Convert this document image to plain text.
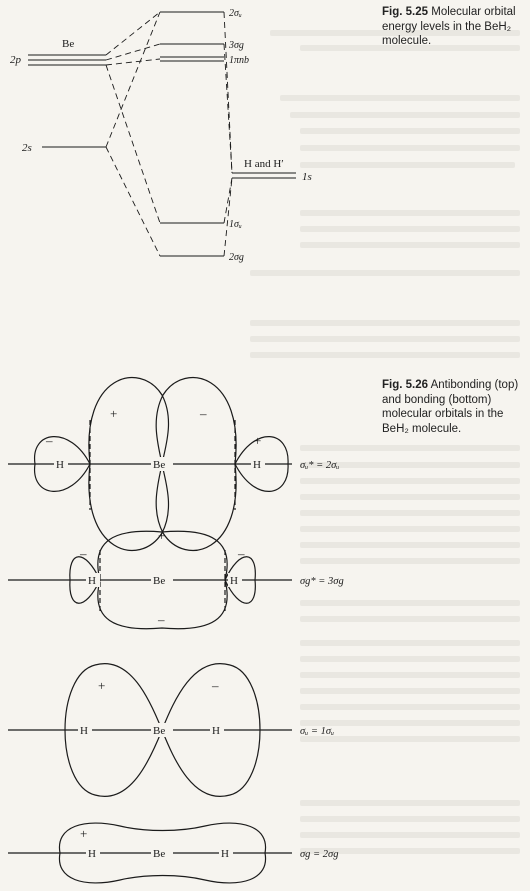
Fig. 5.25 Molecular orbital energy levels in the BeH₂ molecule.
Fig. 5.26 Antibonding (top) and bonding (bottom) molecular orbitals in the BeH₂ molecule.
Be
2p
2s
H and H′
1s
2σᵤ
3σg
1πnb
1σᵤ
2σg
H	Be	H
–
+	–
+
σᵤ* = 2σᵤ
H	Be	H
+
–	–
–
σg* = 3σg
H	Be	H
+	–
σᵤ = 1σᵤ
H	Be	H
+
σg = 2σg
